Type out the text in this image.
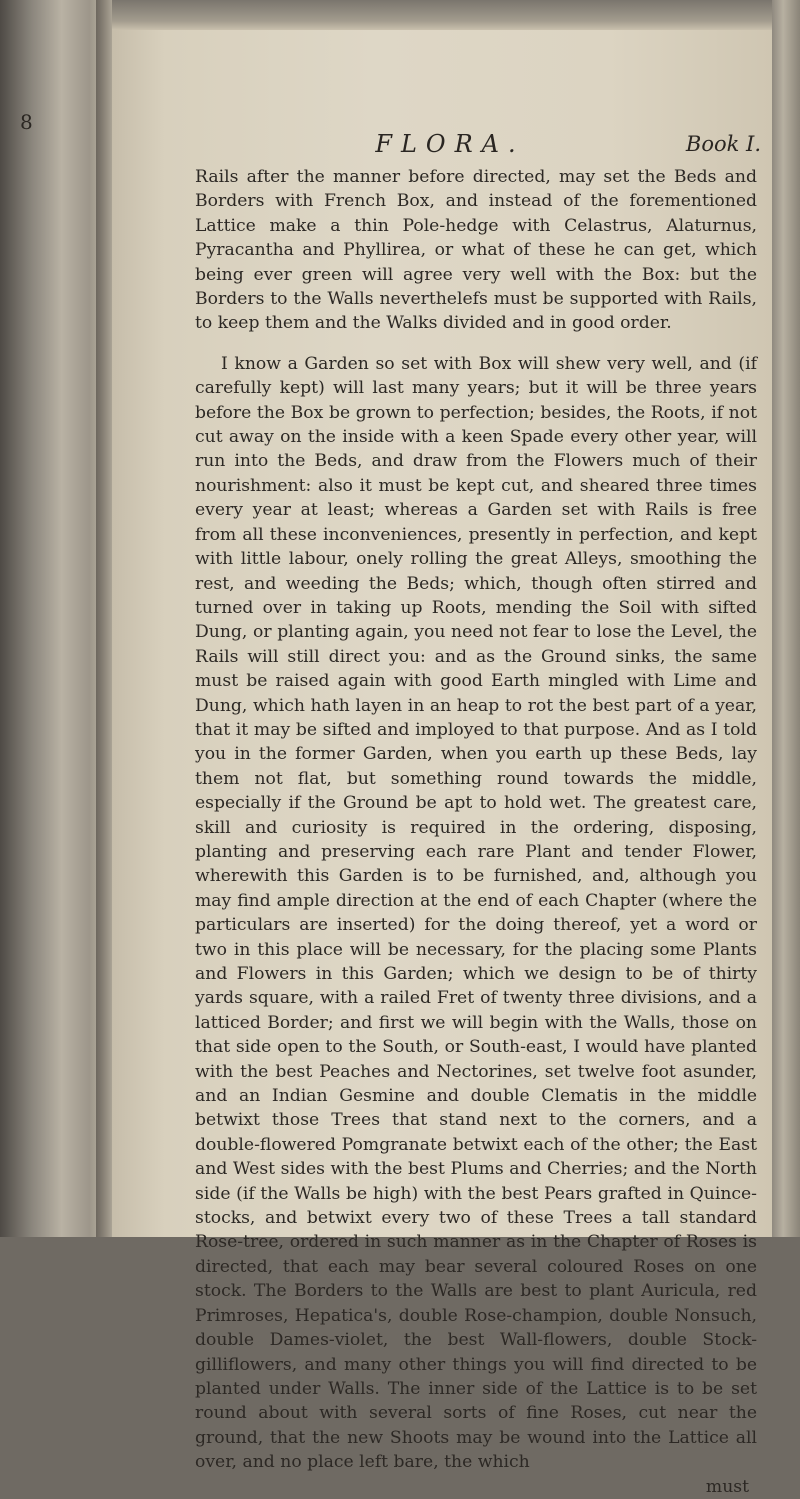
8

FLORA.	Book I.

Rails after the manner before directed, may set the Beds and Borders with French Box, and instead of the forementioned Lattice make a thin Pole-hedge with Celastrus, Alaturnus, Pyracantha and Phyllirea, or what of these he can get, which being ever green will agree very well with the Box: but the Borders to the Walls neverthelefs must be supported with Rails, to keep them and the Walks divided and in good order.

I know a Garden so set with Box will shew very well, and (if carefully kept) will last many years; but it will be three years before the Box be grown to perfection; besides, the Roots, if not cut away on the inside with a keen Spade every other year, will run into the Beds, and draw from the Flowers much of their nourishment: also it must be kept cut, and sheared three times every year at least; whereas a Garden set with Rails is free from all these inconveniences, presently in perfection, and kept with little labour, onely rolling the great Alleys, smoothing the rest, and weeding the Beds; which, though often stirred and turned over in taking up Roots, mending the Soil with sifted Dung, or planting again, you need not fear to lose the Level, the Rails will still direct you: and as the Ground sinks, the same must be raised again with good Earth mingled with Lime and Dung, which hath layen in an heap to rot the best part of a year, that it may be sifted and imployed to that purpose. And as I told you in the former Garden, when you earth up these Beds, lay them not flat, but something round towards the middle, especially if the Ground be apt to hold wet. The greatest care, skill and curiosity is required in the ordering, disposing, planting and preserving each rare Plant and tender Flower, wherewith this Garden is to be furnished, and, although you may find ample direction at the end of each Chapter (where the particulars are inserted) for the doing thereof, yet a word or two in this place will be necessary, for the placing some Plants and Flowers in this Garden; which we design to be of thirty yards square, with a railed Fret of twenty three divisions, and a latticed Border; and first we will begin with the Walls, those on that side open to the South, or South-east, I would have planted with the best Peaches and Nectorines, set twelve foot asunder, and an Indian Gesmine and double Clematis in the middle betwixt those Trees that stand next to the corners, and a double-flowered Pomgranate betwixt each of the other; the East and West sides with the best Plums and Cherries; and the North side (if the Walls be high) with the best Pears grafted in Quince-stocks, and betwixt every two of these Trees a tall standard Rose-tree, ordered in such manner as in the Chapter of Roses is directed, that each may bear several coloured Roses on one stock. The Borders to the Walls are best to plant Auricula, red Primroses, Hepatica's, double Rose-champion, double Nonsuch, double Dames-violet, the best Wall-flowers, double Stock-gilliflowers, and many other things you will find directed to be planted under Walls. The inner side of the Lattice is to be set round about with several sorts of fine Roses, cut near the ground, that the new Shoots may be wound into the Lattice all over, and no place left bare, the which

must
